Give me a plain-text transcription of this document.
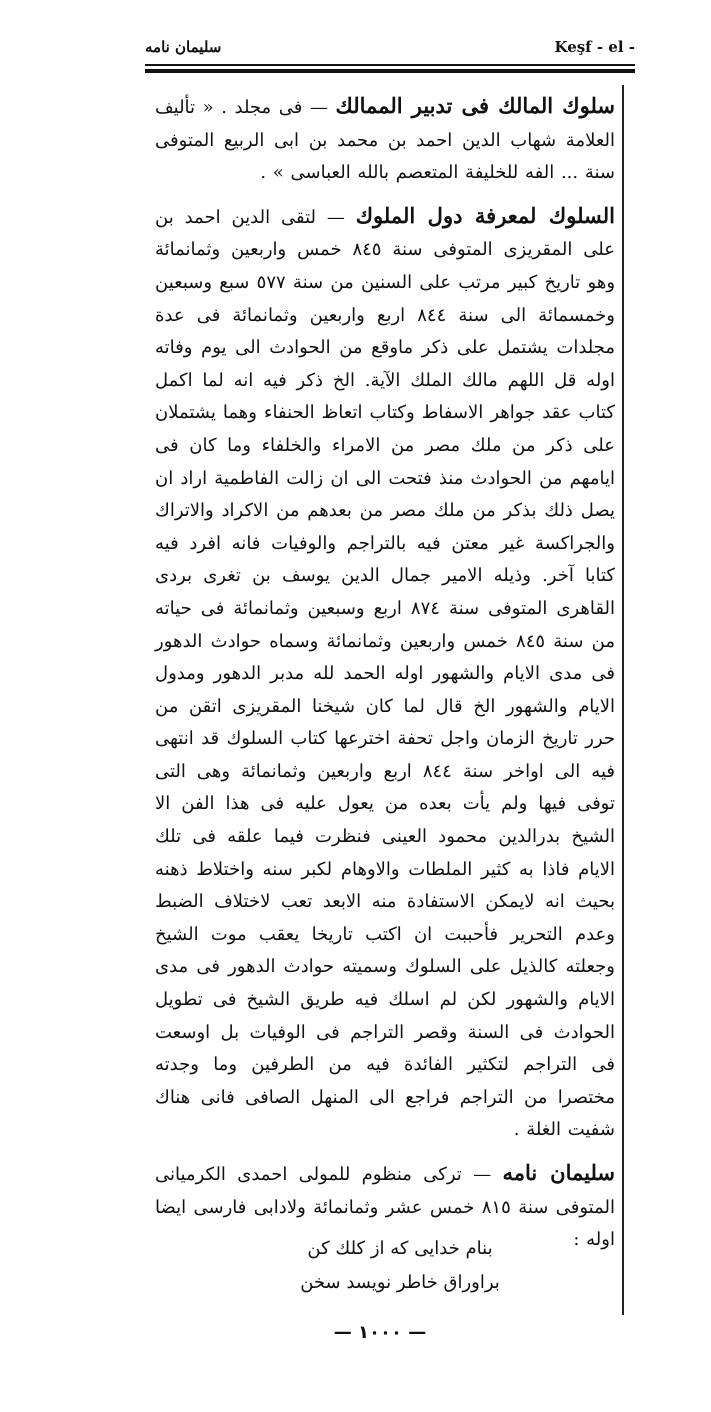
سلیمان نامه	Keşf - el -

سلوك المالك فی تدبیر الممالك — فی مجلد . « تألیف العلامة شهاب الدین احمد بن محمد بن ابی الربیع المتوفی سنة ... الفه للخلیفة المتعصم بالله العباسی » .

السلوك لمعرفة دول الملوك — لتقی الدین احمد بن علی المقریزی المتوفی سنة ٨٤٥ خمس واربعین وثمانمائة وهو تاریخ كبیر مرتب علی السنین من سنة ٥٧٧ سبع وسبعین وخمسمائة الی سنة ٨٤٤ اربع واربعین وثمانمائة فی عدة مجلدات یشتمل علی ذكر ماوقع من الحوادث الی یوم وفاته اوله قل اللهم مالك الملك الآیة. الخ ذكر فیه انه لما اكمل كتاب عقد جواهر الاسفاط وكتاب اتعاظ الحنفاء وهما یشتملان علی ذكر من ملك مصر من الامراء والخلفاء وما كان فی ایامهم من الحوادث منذ فتحت الی ان زالت الفاطمیة اراد ان یصل ذلك بذكر من ملك مصر من بعدهم من الاكراد والاتراك والجراكسة غیر معتن فیه بالتراجم والوفیات فانه افرد فیه كتابا آخر. وذیله الامیر جمال الدین یوسف بن تغری بردی القاهری المتوفی سنة ٨٧٤ اربع وسبعین وثمانمائة فی حیاته من سنة ٨٤٥ خمس واربعین وثمانمائة وسماه حوادث الدهور فی مدی الایام والشهور اوله الحمد لله مدبر الدهور ومدول الایام والشهور الخ قال لما كان شیخنا المقریزی اتقن من حرر تاریخ الزمان واجل تحفة اخترعها كتاب السلوك قد انتهی فیه الی اواخر سنة ٨٤٤ اربع واربعین وثمانمائة وهی التی توفی فیها ولم یأت بعده من یعول علیه فی هذا الفن الا الشیخ بدرالدین محمود العینی فنظرت فیما علقه فی تلك الایام فاذا به كثیر الملطات والاوهام لكبر سنه واختلاط ذهنه بحیث انه لایمكن الاستفادة منه الابعد تعب لاختلاف الضبط وعدم التحریر فأحببت ان اكتب تاریخا یعقب موت الشیخ وجعلته كالذیل علی السلوك وسمیته حوادث الدهور فی مدی الایام والشهور لكن لم اسلك فیه طریق الشیخ فی تطویل الحوادث فی السنة وقصر التراجم فی الوفیات بل اوسعت فی التراجم لتكثیر الفائدة فیه من الطرفین وما وجدته مختصرا من التراجم فراجع الی المنهل الصافی فانی هناك شفیت الغلة .

سلیمان نامه — تركی منظوم للمولی احمدی الكرمیانی المتوفی سنة ٨١٥ خمس عشر وثمانمائة ولادابی فارسی ایضا اوله :

بنام خدایی كه از كلك كن
براوراق خاطر نویسد سخن
— ١٠٠٠ —
